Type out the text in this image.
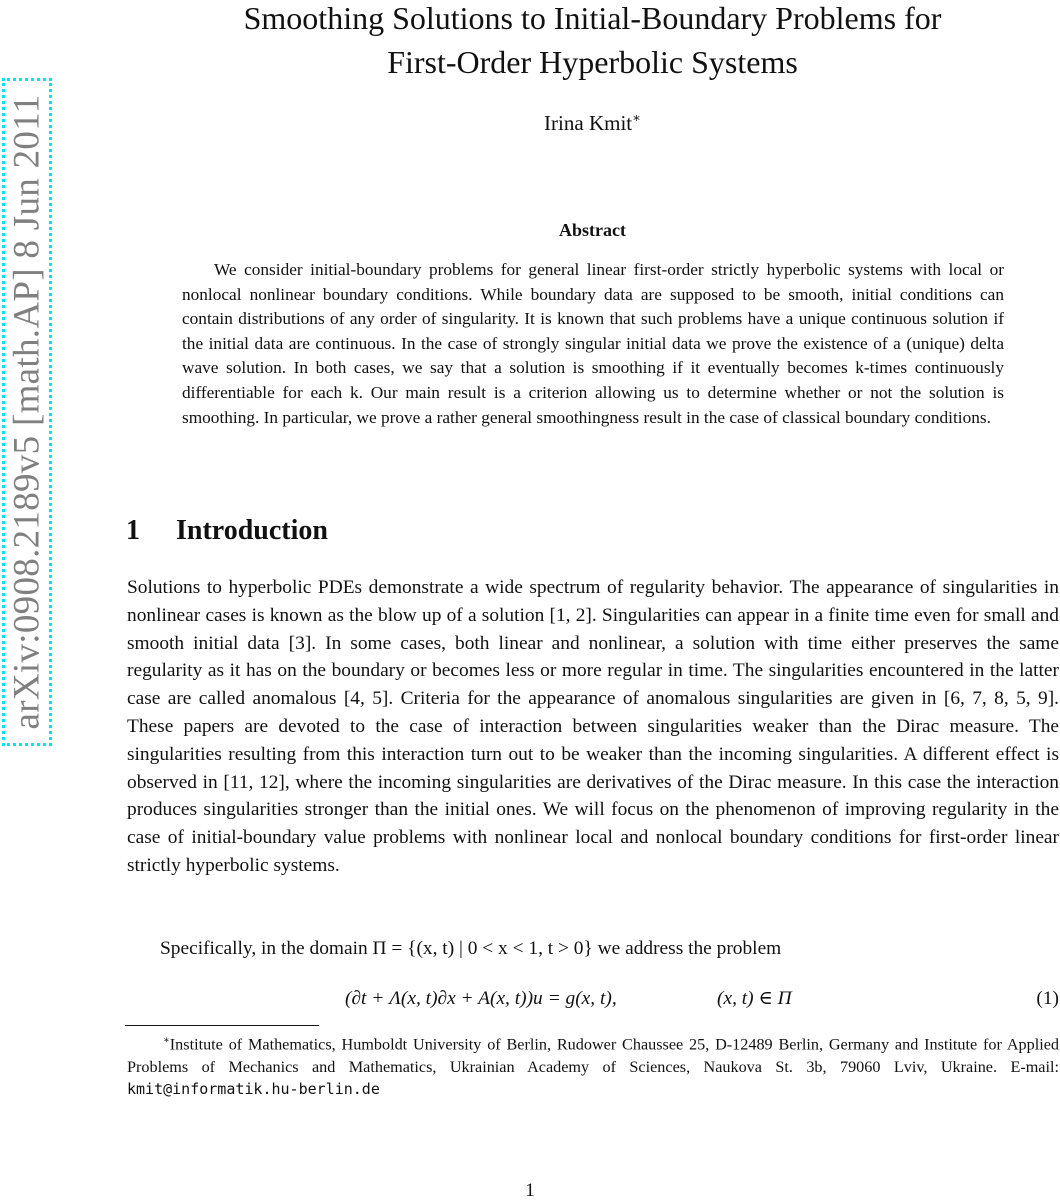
arXiv:0908.2189v5 [math.AP] 8 Jun 2011
Smoothing Solutions to Initial-Boundary Problems for
First-Order Hyperbolic Systems
Irina Kmit∗
Abstract

We consider initial-boundary problems for general linear first-order strictly hyperbolic systems with local or nonlocal nonlinear boundary conditions. While boundary data are supposed to be smooth, initial conditions can contain distributions of any order of singularity. It is known that such problems have a unique continuous solution if the initial data are continuous. In the case of strongly singular initial data we prove the existence of a (unique) delta wave solution. In both cases, we say that a solution is smoothing if it eventually becomes k-times continuously differentiable for each k. Our main result is a criterion allowing us to determine whether or not the solution is smoothing. In particular, we prove a rather general smoothingness result in the case of classical boundary conditions.

1 Introduction

Solutions to hyperbolic PDEs demonstrate a wide spectrum of regularity behavior. The appearance of singularities in nonlinear cases is known as the blow up of a solution [1, 2]. Singularities can appear in a finite time even for small and smooth initial data [3]. In some cases, both linear and nonlinear, a solution with time either preserves the same regularity as it has on the boundary or becomes less or more regular in time. The singularities encountered in the latter case are called anomalous [4, 5]. Criteria for the appearance of anomalous singularities are given in [6, 7, 8, 5, 9]. These papers are devoted to the case of interaction between singularities weaker than the Dirac measure. The singularities resulting from this interaction turn out to be weaker than the incoming singularities. A different effect is observed in [11, 12], where the incoming singularities are derivatives of the Dirac measure. In this case the interaction produces singularities stronger than the initial ones. We will focus on the phenomenon of improving regularity in the case of initial-boundary value problems with nonlinear local and nonlocal boundary conditions for first-order linear strictly hyperbolic systems.

Specifically, in the domain Π = {(x, t) | 0 < x < 1, t > 0} we address the problem

(∂t + Λ(x, t)∂x + A(x, t))u = g(x, t),	(x, t) ∈ Π	(1)

∗Institute of Mathematics, Humboldt University of Berlin, Rudower Chaussee 25, D-12489 Berlin, Germany and Institute for Applied Problems of Mechanics and Mathematics, Ukrainian Academy of Sciences, Naukova St. 3b, 79060 Lviv, Ukraine. E-mail: kmit@informatik.hu-berlin.de

1
